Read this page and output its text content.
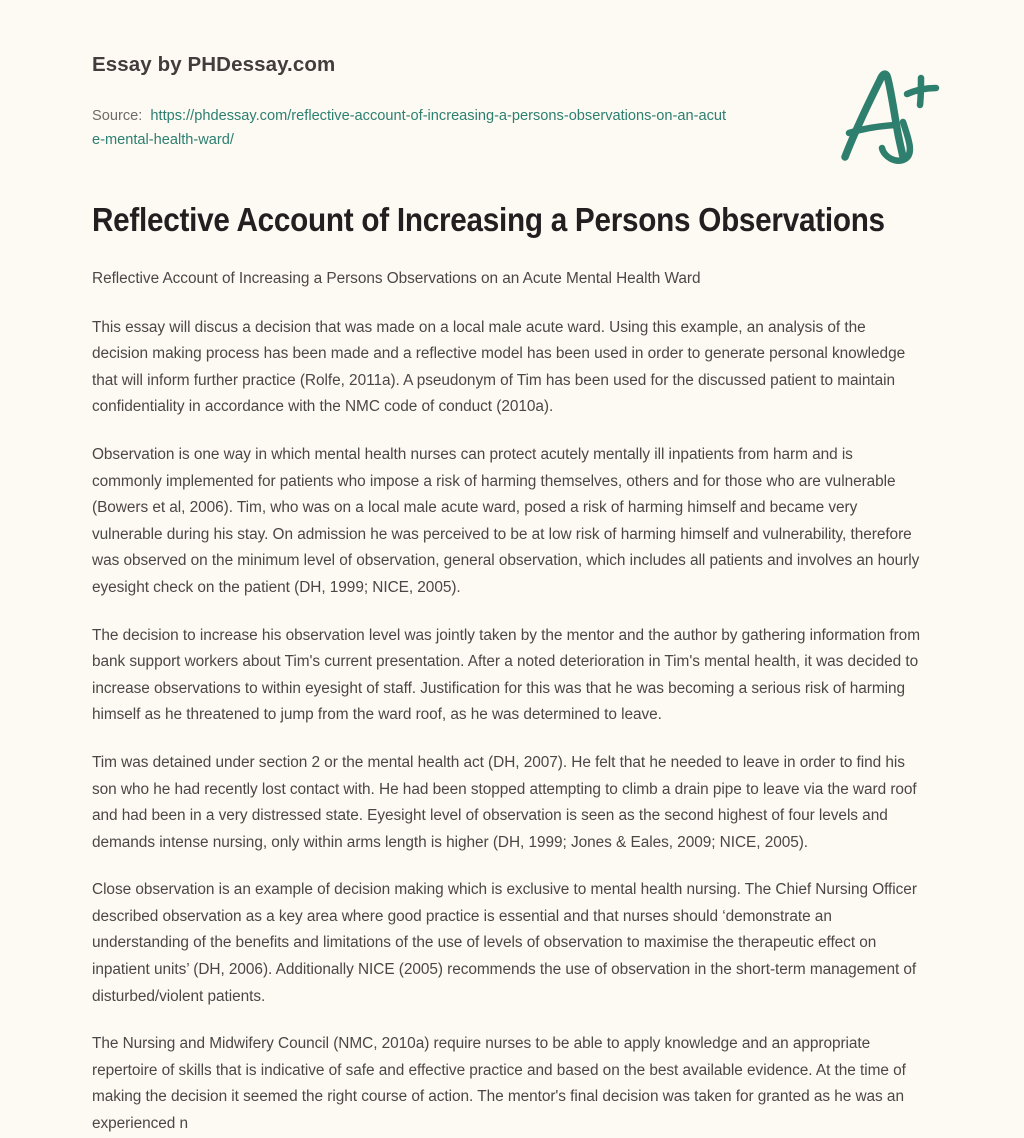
Essay by PHDessay.com
Source: https://phdessay.com/reflective-account-of-increasing-a-persons-observations-on-an-acute-mental-health-ward/
Reflective Account of Increasing a Persons Observations

Reflective Account of Increasing a Persons Observations on an Acute Mental Health Ward

This essay will discus a decision that was made on a local male acute ward. Using this example, an analysis of the decision making process has been made and a reflective model has been used in order to generate personal knowledge that will inform further practice (Rolfe, 2011a). A pseudonym of Tim has been used for the discussed patient to maintain confidentiality in accordance with the NMC code of conduct (2010a).

Observation is one way in which mental health nurses can protect acutely mentally ill inpatients from harm and is commonly implemented for patients who impose a risk of harming themselves, others and for those who are vulnerable (Bowers et al, 2006). Tim, who was on a local male acute ward, posed a risk of harming himself and became very vulnerable during his stay. On admission he was perceived to be at low risk of harming himself and vulnerability, therefore was observed on the minimum level of observation, general observation, which includes all patients and involves an hourly eyesight check on the patient (DH, 1999; NICE, 2005).

The decision to increase his observation level was jointly taken by the mentor and the author by gathering information from bank support workers about Tim's current presentation. After a noted deterioration in Tim's mental health, it was decided to increase observations to within eyesight of staff. Justification for this was that he was becoming a serious risk of harming himself as he threatened to jump from the ward roof, as he was determined to leave.

Tim was detained under section 2 or the mental health act (DH, 2007). He felt that he needed to leave in order to find his son who he had recently lost contact with. He had been stopped attempting to climb a drain pipe to leave via the ward roof and had been in a very distressed state. Eyesight level of observation is seen as the second highest of four levels and demands intense nursing, only within arms length is higher (DH, 1999; Jones & Eales, 2009; NICE, 2005).

Close observation is an example of decision making which is exclusive to mental health nursing. The Chief Nursing Officer described observation as a key area where good practice is essential and that nurses should ‘demonstrate an understanding of the benefits and limitations of the use of levels of observation to maximise the therapeutic effect on inpatient units’ (DH, 2006). Additionally NICE (2005) recommends the use of observation in the short-term management of disturbed/violent patients.

The Nursing and Midwifery Council (NMC, 2010a) require nurses to be able to apply knowledge and an appropriate repertoire of skills that is indicative of safe and effective practice and based on the best available evidence. At the time of making the decision it seemed the right course of action. The mentor's final decision was taken for granted as he was an experienced n
